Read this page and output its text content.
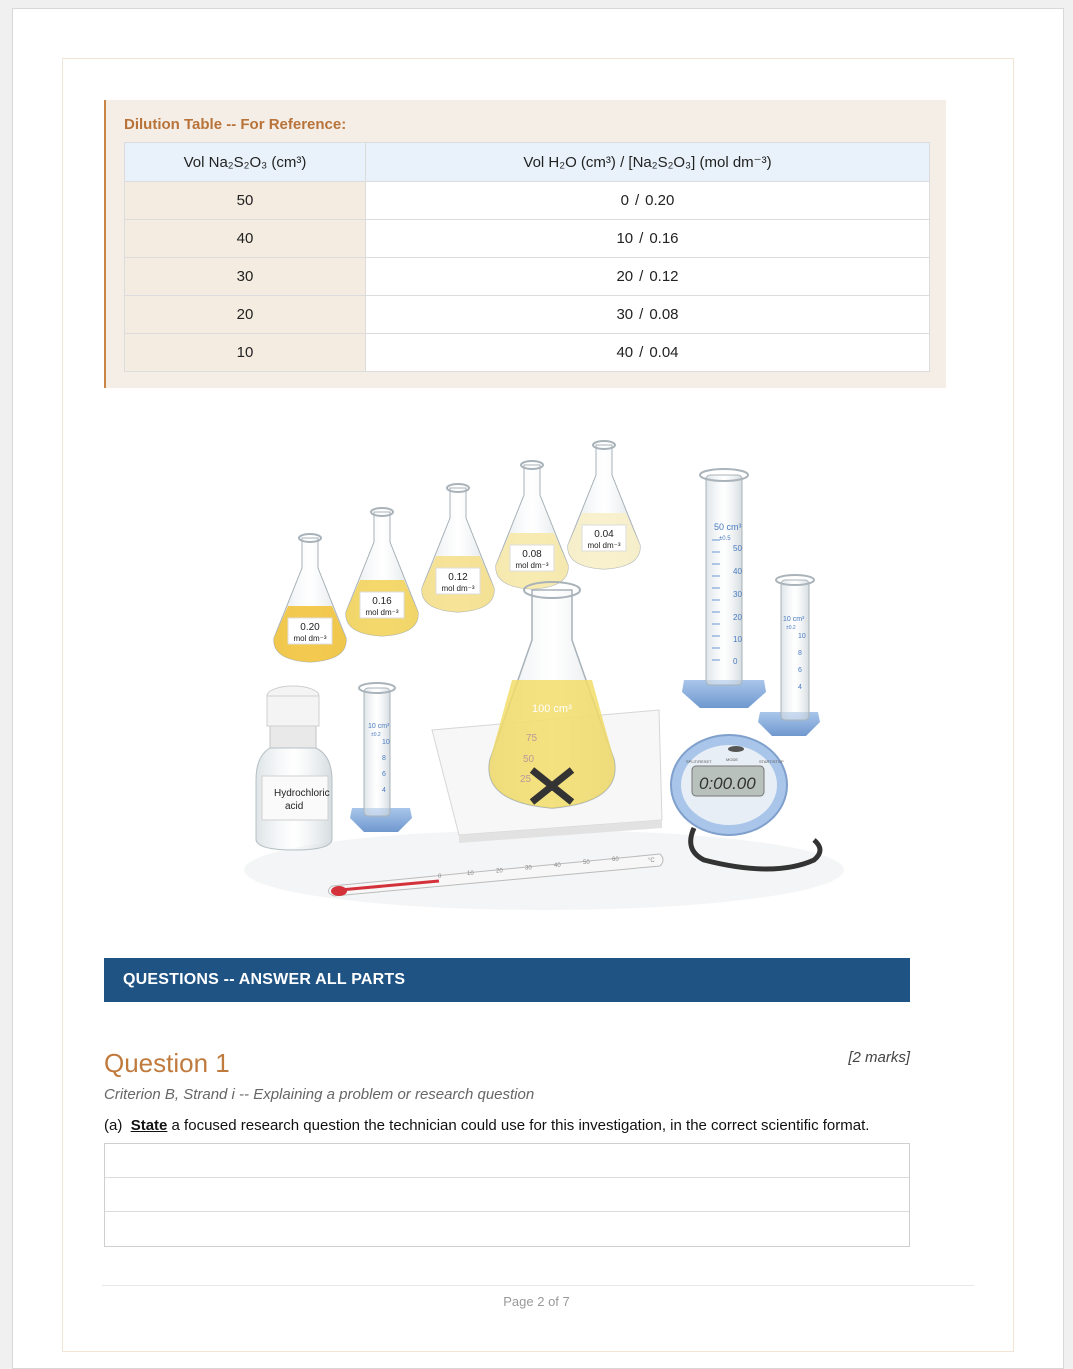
Dilution Table -- For Reference:
Vol Na₂S₂O₃ (cm³)	Vol H₂O (cm³) / [Na₂S₂O₃] (mol dm⁻³)
50	0 / 0.20
40	10 / 0.16
30	20 / 0.12
20	30 / 0.08
10	40 / 0.04
0.20
mol dm⁻³
0.16
mol dm⁻³
0.12
mol dm⁻³
0.08
mol dm⁻³
0.04
mol dm⁻³
100 cm³
75
50
25
50 cm³
±0.5
50
40
30
20
10
0
10 cm³
±0.2
10
8
6
4
10 cm³
±0.2
10
8
6
4
Hydrochloric
acid
0:00.00
MODE
SPLIT/RESET	START/STOP
0	10	20	30	40	50	60	°C
QUESTIONS -- ANSWER ALL PARTS
Question 1	[2 marks]
Criterion B, Strand i -- Explaining a problem or research question
(a) State a focused research question the technician could use for this investigation, in the correct scientific format.
Page 2 of 7
